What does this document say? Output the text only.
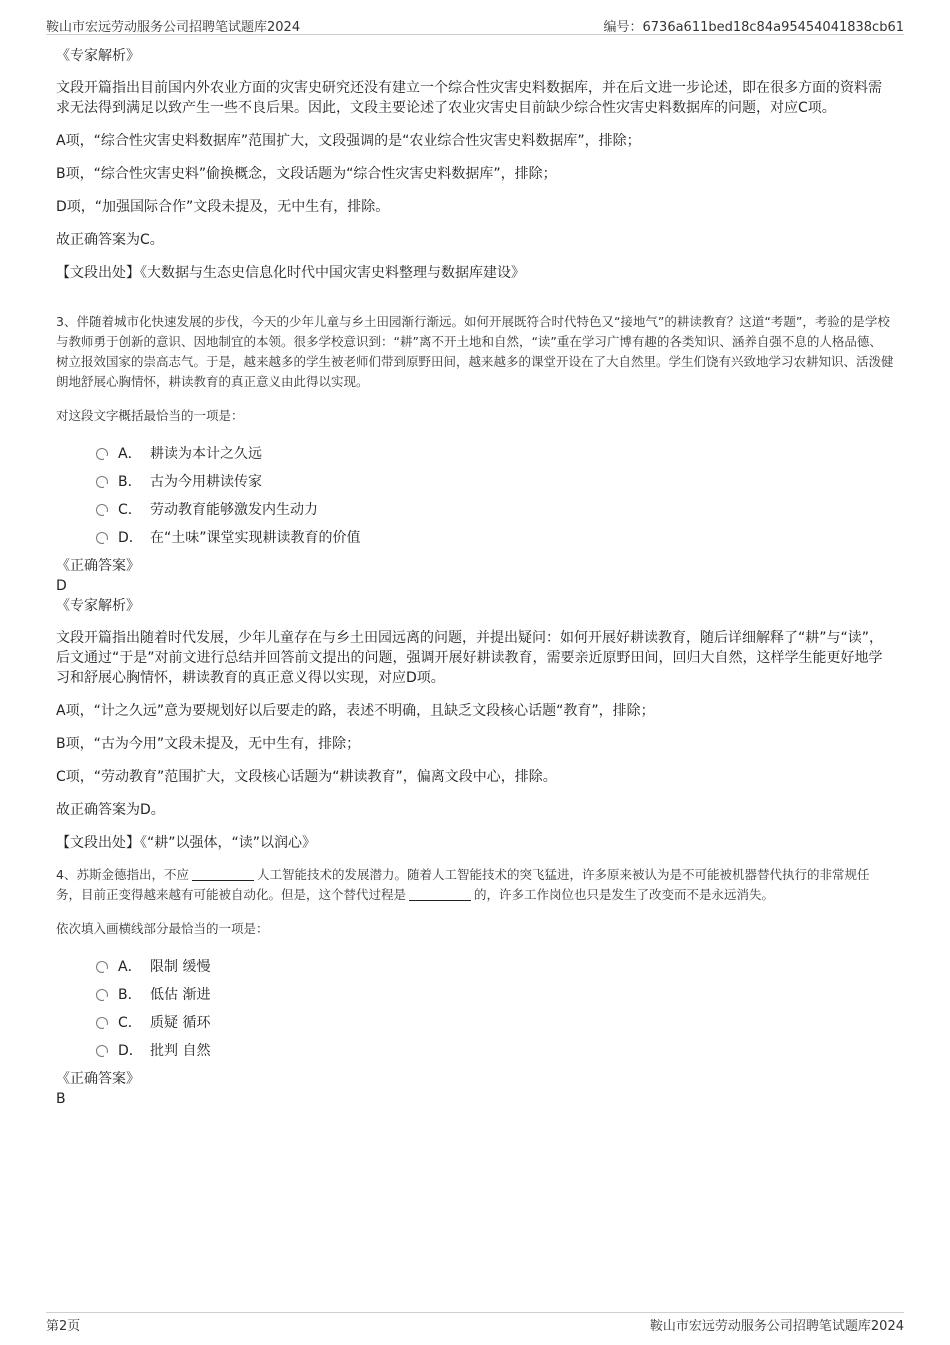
鞍山市宏远劳动服务公司招聘笔试题库2024	编号：6736a611bed18c84a95454041838cb61

《专家解析》

文段开篇指出目前国内外农业方面的灾害史研究还没有建立一个综合性灾害史料数据库，并在后文进一步论述，即在很多方面的资料需求无法得到满足以致产生一些不良后果。因此，文段主要论述了农业灾害史目前缺少综合性灾害史料数据库的问题，对应C项。

A项，“综合性灾害史料数据库”范围扩大，文段强调的是“农业综合性灾害史料数据库”，排除；

B项，“综合性灾害史料”偷换概念，文段话题为“综合性灾害史料数据库”，排除；

D项，“加强国际合作”文段未提及，无中生有，排除。

故正确答案为C。

【文段出处】《大数据与生态史信息化时代中国灾害史料整理与数据库建设》

3、伴随着城市化快速发展的步伐，今天的少年儿童与乡土田园渐行渐远。如何开展既符合时代特色又“接地气”的耕读教育？这道“考题”，考验的是学校与教师勇于创新的意识、因地制宜的本领。很多学校意识到：“耕”离不开土地和自然，“读”重在学习广博有趣的各类知识、涵养自强不息的人格品德、树立报效国家的崇高志气。于是，越来越多的学生被老师们带到原野田间，越来越多的课堂开设在了大自然里。学生们饶有兴致地学习农耕知识、活泼健朗地舒展心胸情怀，耕读教育的真正意义由此得以实现。

对这段文字概括最恰当的一项是：

A． 耕读为本计之久远
B． 古为今用耕读传家
C． 劳动教育能够激发内生动力
D． 在“土味”课堂实现耕读教育的价值

《正确答案》

D

《专家解析》

文段开篇指出随着时代发展，少年儿童存在与乡土田园远离的问题，并提出疑问：如何开展好耕读教育，随后详细解释了“耕”与“读”，后文通过“于是”对前文进行总结并回答前文提出的问题，强调开展好耕读教育，需要亲近原野田间，回归大自然，这样学生能更好地学习和舒展心胸情怀，耕读教育的真正意义得以实现，对应D项。

A项，“计之久远”意为要规划好以后要走的路，表述不明确，且缺乏文段核心话题“教育”，排除；

B项，“古为今用”文段未提及，无中生有，排除；

C项，“劳动教育”范围扩大，文段核心话题为“耕读教育”，偏离文段中心，排除。

故正确答案为D。

【文段出处】《“耕”以强体，“读”以润心》

4、苏斯金德指出，不应	人工智能技术的发展潜力。随着人工智能技术的突飞猛进，许多原来被认为是不可能被机器替代执行的非常规任务，目前正变得越来越有可能被自动化。但是，这个替代过程是	的，许多工作岗位也只是发生了改变而不是永远消失。

依次填入画横线部分最恰当的一项是：

A． 限制 缓慢
B． 低估 渐进
C． 质疑 循环
D． 批判 自然

《正确答案》

B

第2页	鞍山市宏远劳动服务公司招聘笔试题库2024
